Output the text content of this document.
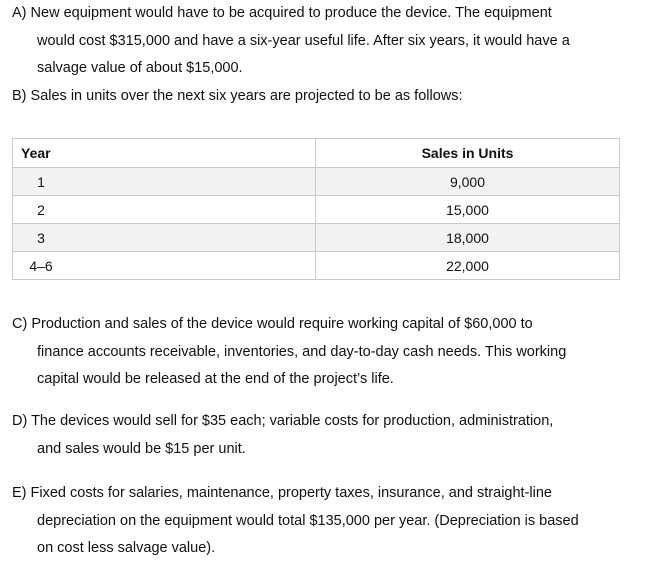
A) New equipment would have to be acquired to produce the device. The equipment
would cost $315,000 and have a six-year useful life. After six years, it would have a
salvage value of about $15,000.
B) Sales in units over the next six years are projected to be as follows:
Year	Sales in Units
1	9,000
2	15,000
3	18,000
4–6	22,000
C) Production and sales of the device would require working capital of $60,000 to
finance accounts receivable, inventories, and day-to-day cash needs. This working
capital would be released at the end of the project’s life.
D) The devices would sell for $35 each; variable costs for production, administration,
and sales would be $15 per unit.
E) Fixed costs for salaries, maintenance, property taxes, insurance, and straight-line
depreciation on the equipment would total $135,000 per year. (Depreciation is based
on cost less salvage value).
